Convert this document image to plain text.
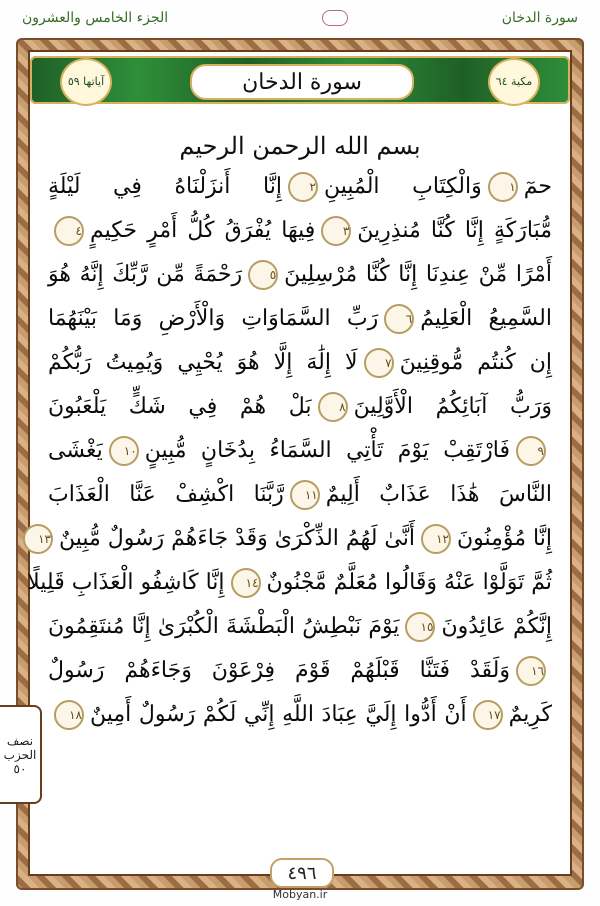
الجزء الخامس والعشرون	سورة الدخان
آياتها ٥٩	مكية ٦٤
سورة الدخان
بسم الله الرحمن الرحيم
حمٓ١وَالْكِتَابِ الْمُبِينِ٢إِنَّا أَنزَلْنَاهُ فِي لَيْلَةٍ
مُّبَارَكَةٍ إِنَّا كُنَّا مُنذِرِينَ٣فِيهَا يُفْرَقُ كُلُّ أَمْرٍ حَكِيمٍ٤
أَمْرًا مِّنْ عِندِنَا إِنَّا كُنَّا مُرْسِلِينَ٥رَحْمَةً مِّن رَّبِّكَ إِنَّهُ هُوَ
السَّمِيعُ الْعَلِيمُ٦رَبِّ السَّمَاوَاتِ وَالْأَرْضِ وَمَا بَيْنَهُمَا
إِن كُنتُم مُّوقِنِينَ٧لَا إِلَٰهَ إِلَّا هُوَ يُحْيِي وَيُمِيتُ رَبُّكُمْ
وَرَبُّ آبَائِكُمُ الْأَوَّلِينَ٨بَلْ هُمْ فِي شَكٍّ يَلْعَبُونَ
٩فَارْتَقِبْ يَوْمَ تَأْتِي السَّمَاءُ بِدُخَانٍ مُّبِينٍ١٠يَغْشَى
النَّاسَ هَٰذَا عَذَابٌ أَلِيمٌ١١رَّبَّنَا اكْشِفْ عَنَّا الْعَذَابَ
إِنَّا مُؤْمِنُونَ١٢أَنَّىٰ لَهُمُ الذِّكْرَىٰ وَقَدْ جَاءَهُمْ رَسُولٌ مُّبِينٌ١٣
ثُمَّ تَوَلَّوْا عَنْهُ وَقَالُوا مُعَلَّمٌ مَّجْنُونٌ١٤إِنَّا كَاشِفُو الْعَذَابِ قَلِيلًا
إِنَّكُمْ عَائِدُونَ١٥يَوْمَ نَبْطِشُ الْبَطْشَةَ الْكُبْرَىٰ إِنَّا مُنتَقِمُونَ
١٦وَلَقَدْ فَتَنَّا قَبْلَهُمْ قَوْمَ فِرْعَوْنَ وَجَاءَهُمْ رَسُولٌ
كَرِيمٌ١٧أَنْ أَدُّوا إِلَيَّ عِبَادَ اللَّهِ إِنِّي لَكُمْ رَسُولٌ أَمِينٌ١٨
نصف
الحزب
٥٠
٤٩٦
Mobyan.ir
